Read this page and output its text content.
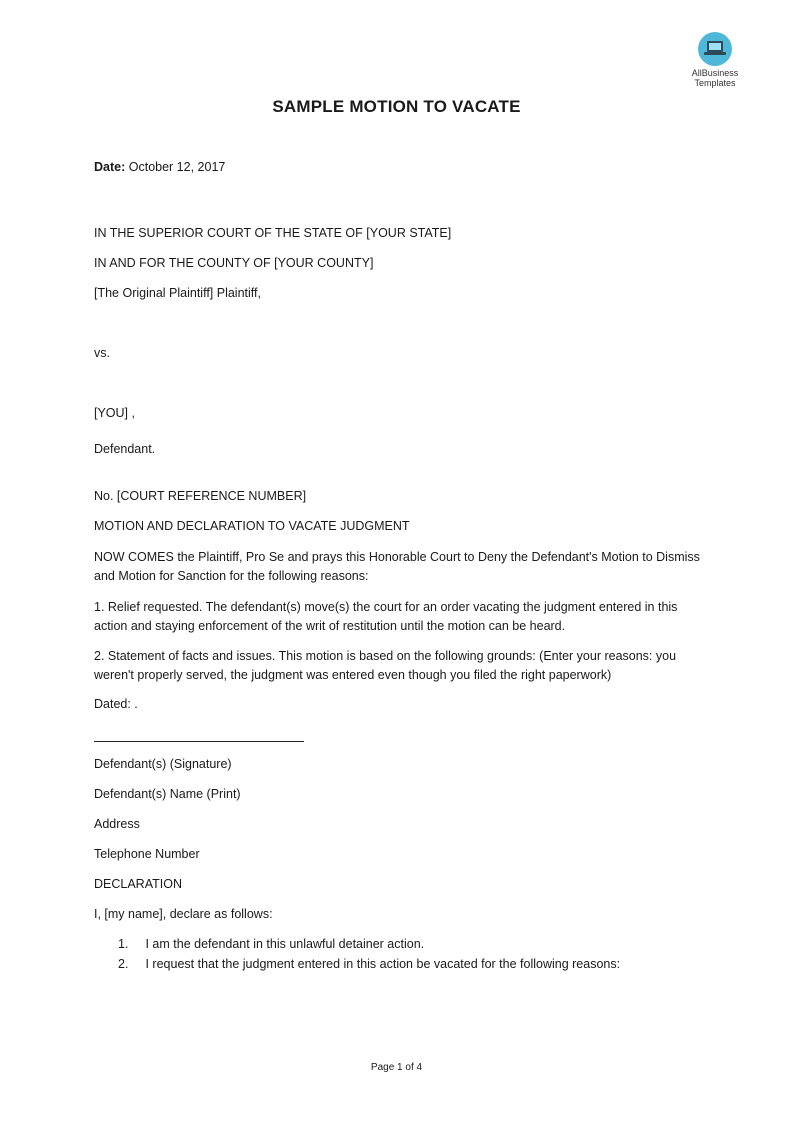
AllBusiness
Templates
SAMPLE MOTION TO VACATE
Date: October 12, 2017
IN THE SUPERIOR COURT OF THE STATE OF [YOUR STATE]
IN AND FOR THE COUNTY OF [YOUR COUNTY]
[The Original Plaintiff] Plaintiff,
vs.
[YOU] ,
Defendant.
No. [COURT REFERENCE NUMBER]
MOTION AND DECLARATION TO VACATE JUDGMENT
NOW COMES the Plaintiff, Pro Se and prays this Honorable Court to Deny the Defendant's Motion to Dismiss and Motion for Sanction for the following reasons:
1. Relief requested. The defendant(s) move(s) the court for an order vacating the judgment entered in this action and staying enforcement of the writ of restitution until the motion can be heard.
2. Statement of facts and issues. This motion is based on the following grounds: (Enter your reasons: you weren't properly served, the judgment was entered even though you filed the right paperwork)
Dated: .
Defendant(s) (Signature)
Defendant(s) Name (Print)
Address
Telephone Number
DECLARATION
I, [my name], declare as follows:
1. I am the defendant in this unlawful detainer action.
2. I request that the judgment entered in this action be vacated for the following reasons:
Page 1 of 4
